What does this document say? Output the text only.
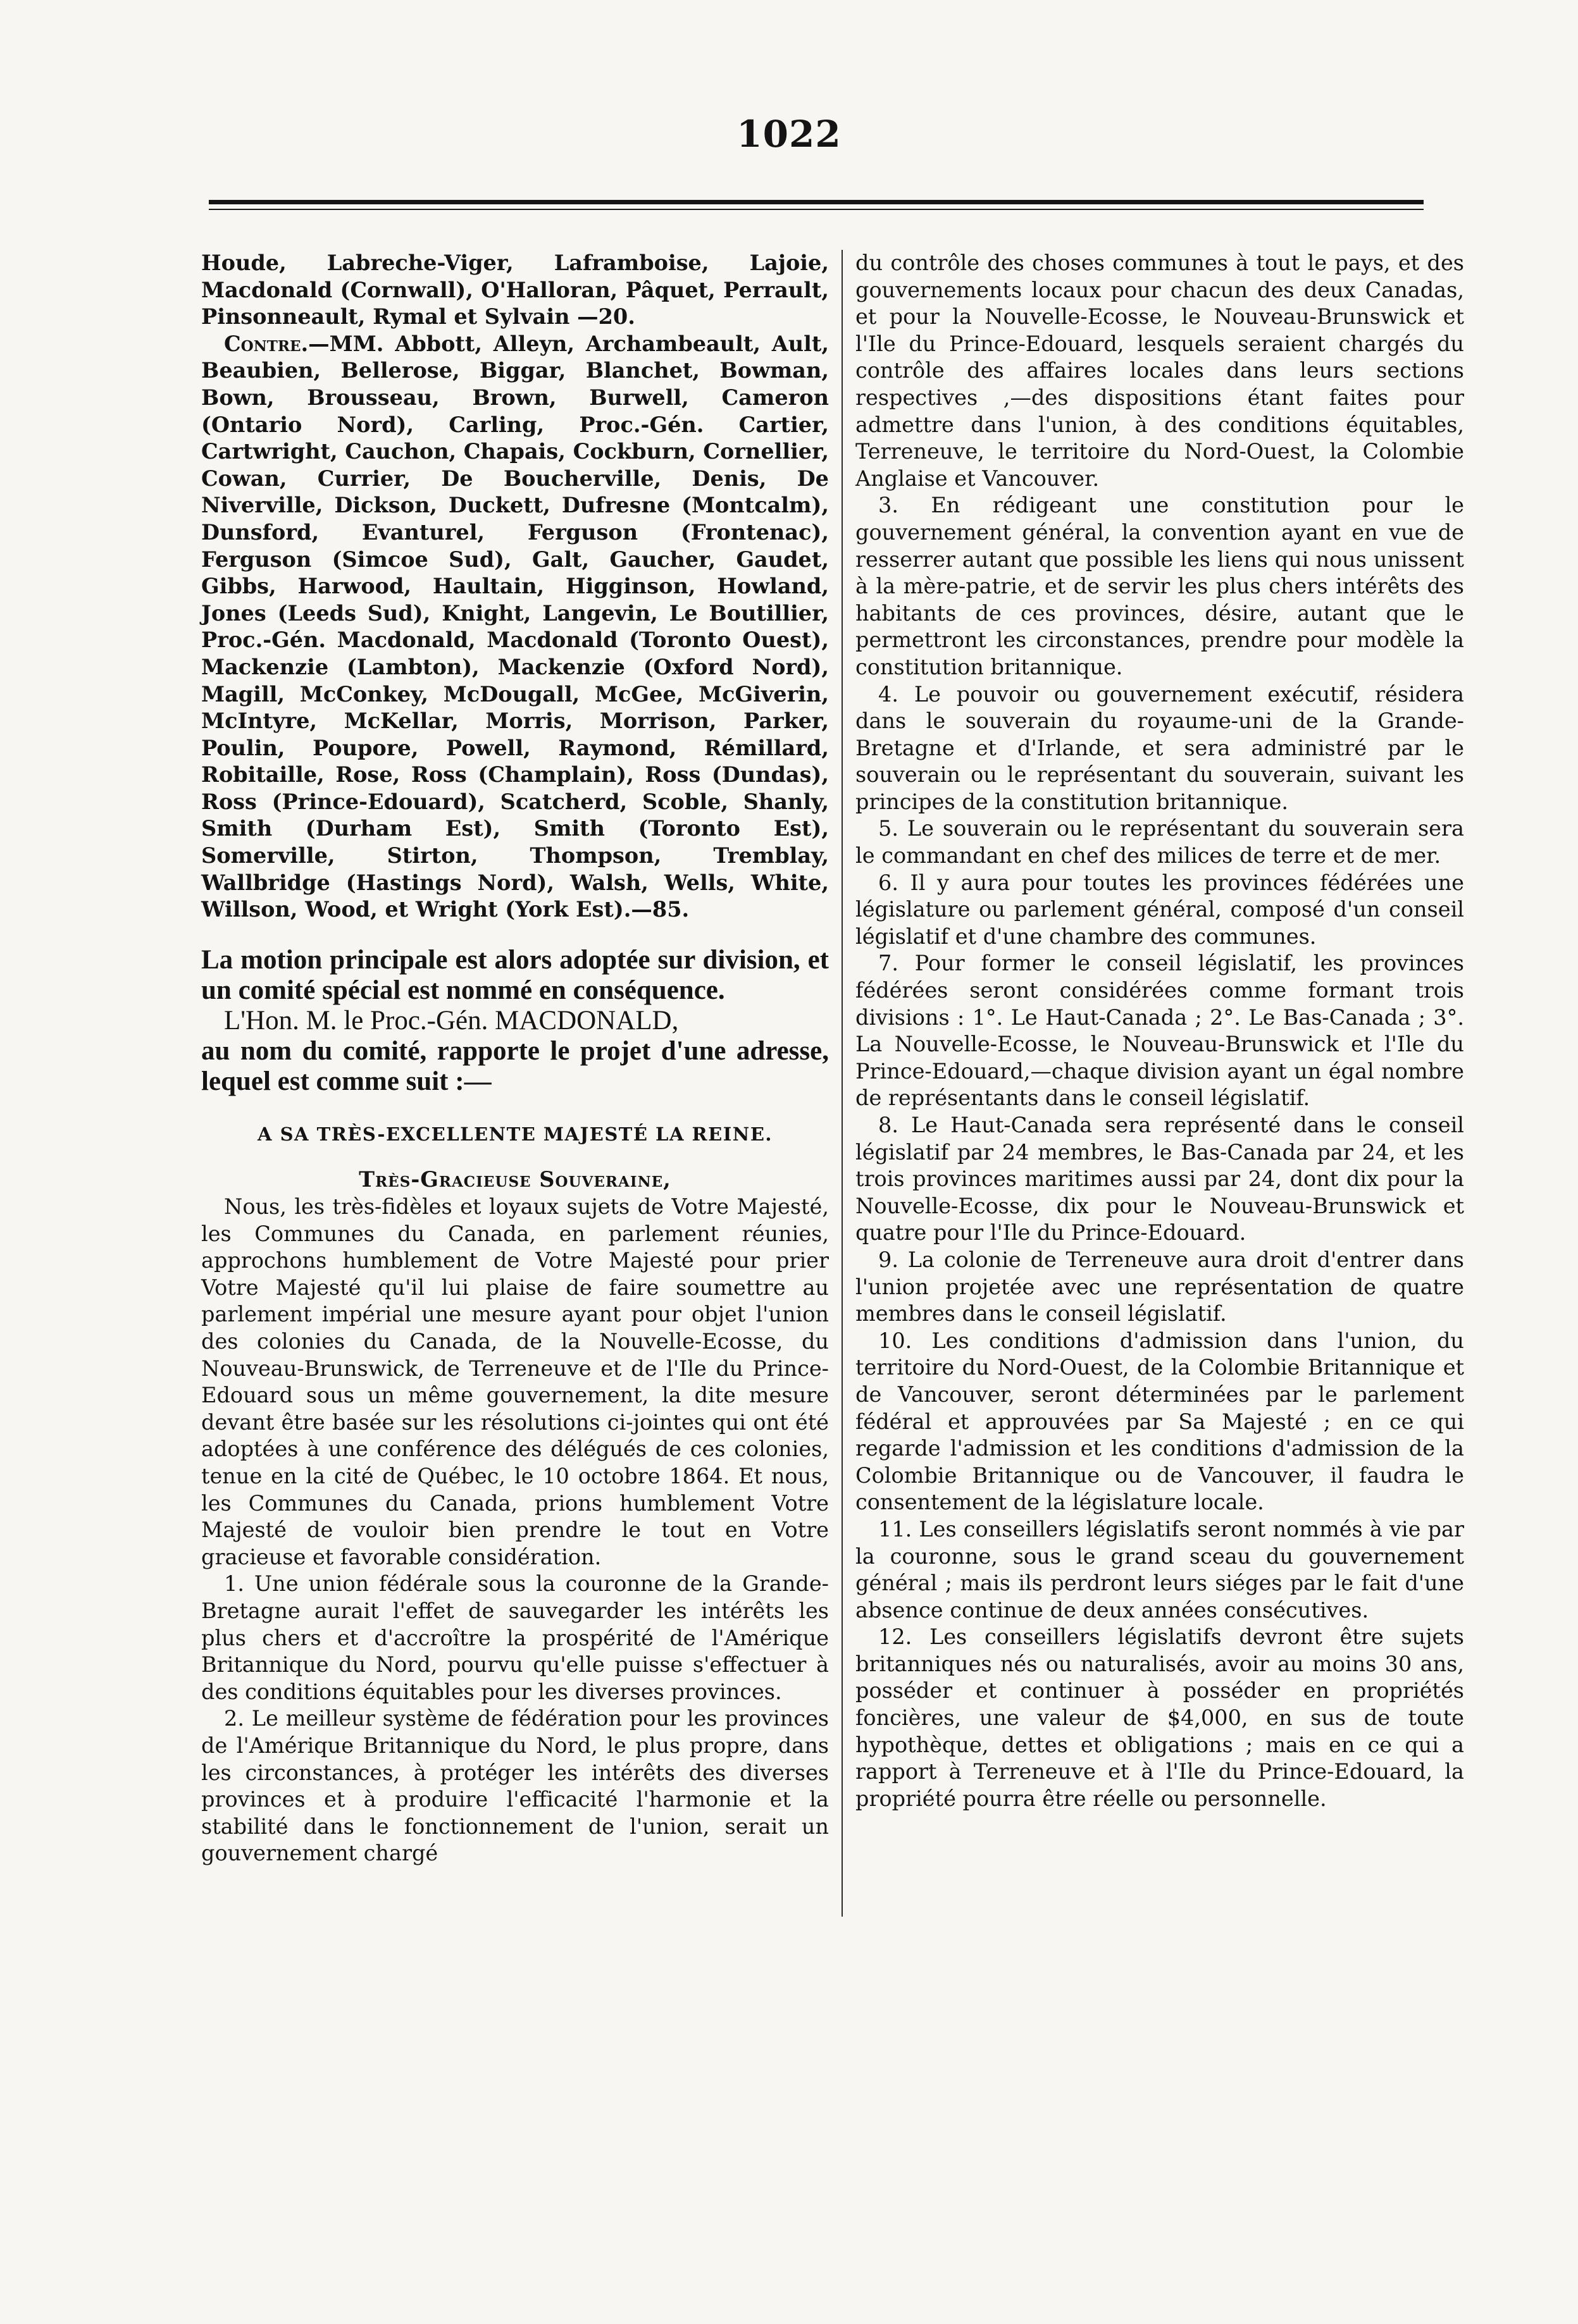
1022

Houde, Labreche-Viger, Laframboise, Lajoie, Macdonald (Cornwall), O'Halloran, Pâquet, Perrault, Pinsonneault, Rymal et Sylvain —20.

Contre.—MM. Abbott, Alleyn, Archambeault, Ault, Beaubien, Bellerose, Biggar, Blanchet, Bowman, Bown, Brousseau, Brown, Burwell, Cameron (Ontario Nord), Carling, Proc.-Gén. Cartier, Cartwright, Cauchon, Chapais, Cockburn, Cornellier, Cowan, Currier, De Boucherville, Denis, De Niverville, Dickson, Duckett, Dufresne (Montcalm), Dunsford, Evanturel, Ferguson (Frontenac), Ferguson (Simcoe Sud), Galt, Gaucher, Gaudet, Gibbs, Harwood, Haultain, Higginson, Howland, Jones (Leeds Sud), Knight, Langevin, Le Boutillier, Proc.-Gén. Macdonald, Macdonald (Toronto Ouest), Mackenzie (Lambton), Mackenzie (Oxford Nord), Magill, McConkey, McDougall, McGee, McGiverin, McIntyre, McKellar, Morris, Morrison, Parker, Poulin, Poupore, Powell, Raymond, Rémillard, Robitaille, Rose, Ross (Champlain), Ross (Dundas), Ross (Prince-Edouard), Scatcherd, Scoble, Shanly, Smith (Durham Est), Smith (Toronto Est), Somerville, Stirton, Thompson, Tremblay, Wallbridge (Hastings Nord), Walsh, Wells, White, Willson, Wood, et Wright (York Est).—85.

La motion principale est alors adoptée sur division, et un comité spécial est nommé en conséquence.

L'Hon. M. le Proc.-Gén. MACDONALD,

au nom du comité, rapporte le projet d'une adresse, lequel est comme suit :—

A SA TRÈS-EXCELLENTE MAJESTÉ LA REINE.

Très-Gracieuse Souveraine,

Nous, les très-fidèles et loyaux sujets de Votre Majesté, les Communes du Canada, en parlement réunies, approchons humblement de Votre Majesté pour prier Votre Majesté qu'il lui plaise de faire soumettre au parlement impérial une mesure ayant pour objet l'union des colonies du Canada, de la Nouvelle-Ecosse, du Nouveau-Brunswick, de Terreneuve et de l'Ile du Prince-Edouard sous un même gouvernement, la dite mesure devant être basée sur les résolutions ci-jointes qui ont été adoptées à une conférence des délégués de ces colonies, tenue en la cité de Québec, le 10 octobre 1864. Et nous, les Communes du Canada, prions humblement Votre Majesté de vouloir bien prendre le tout en Votre gracieuse et favorable considération.

1. Une union fédérale sous la couronne de la Grande-Bretagne aurait l'effet de sauvegarder les intérêts les plus chers et d'accroître la prospérité de l'Amérique Britannique du Nord, pourvu qu'elle puisse s'effectuer à des conditions équitables pour les diverses provinces.

2. Le meilleur système de fédération pour les provinces de l'Amérique Britannique du Nord, le plus propre, dans les circonstances, à protéger les intérêts des diverses provinces et à produire l'efficacité l'harmonie et la stabilité dans le fonctionnement de l'union, serait un gouvernement chargé

du contrôle des choses communes à tout le pays, et des gouvernements locaux pour chacun des deux Canadas, et pour la Nouvelle-Ecosse, le Nouveau-Brunswick et l'Ile du Prince-Edouard, lesquels seraient chargés du contrôle des affaires locales dans leurs sections respectives ,—des dispositions étant faites pour admettre dans l'union, à des conditions équitables, Terreneuve, le territoire du Nord-Ouest, la Colombie Anglaise et Vancouver.

3. En rédigeant une constitution pour le gouvernement général, la convention ayant en vue de resserrer autant que possible les liens qui nous unissent à la mère-patrie, et de servir les plus chers intérêts des habitants de ces provinces, désire, autant que le permettront les circonstances, prendre pour modèle la constitution britannique.

4. Le pouvoir ou gouvernement exécutif, résidera dans le souverain du royaume-uni de la Grande-Bretagne et d'Irlande, et sera administré par le souverain ou le représentant du souverain, suivant les principes de la constitution britannique.

5. Le souverain ou le représentant du souverain sera le commandant en chef des milices de terre et de mer.

6. Il y aura pour toutes les provinces fédérées une législature ou parlement général, composé d'un conseil législatif et d'une chambre des communes.

7. Pour former le conseil législatif, les provinces fédérées seront considérées comme formant trois divisions : 1°. Le Haut-Canada ; 2°. Le Bas-Canada ; 3°. La Nouvelle-Ecosse, le Nouveau-Brunswick et l'Ile du Prince-Edouard,—chaque division ayant un égal nombre de représentants dans le conseil législatif.

8. Le Haut-Canada sera représenté dans le conseil législatif par 24 membres, le Bas-Canada par 24, et les trois provinces maritimes aussi par 24, dont dix pour la Nouvelle-Ecosse, dix pour le Nouveau-Brunswick et quatre pour l'Ile du Prince-Edouard.

9. La colonie de Terreneuve aura droit d'entrer dans l'union projetée avec une représentation de quatre membres dans le conseil législatif.

10. Les conditions d'admission dans l'union, du territoire du Nord-Ouest, de la Colombie Britannique et de Vancouver, seront déterminées par le parlement fédéral et approuvées par Sa Majesté ; en ce qui regarde l'admission et les conditions d'admission de la Colombie Britannique ou de Vancouver, il faudra le consentement de la législature locale.

11. Les conseillers législatifs seront nommés à vie par la couronne, sous le grand sceau du gouvernement général ; mais ils perdront leurs siéges par le fait d'une absence continue de deux années consécutives.

12. Les conseillers législatifs devront être sujets britanniques nés ou naturalisés, avoir au moins 30 ans, posséder et continuer à posséder en propriétés foncières, une valeur de $4,000, en sus de toute hypothèque, dettes et obligations ; mais en ce qui a rapport à Terreneuve et à l'Ile du Prince-Edouard, la propriété pourra être réelle ou personnelle.
